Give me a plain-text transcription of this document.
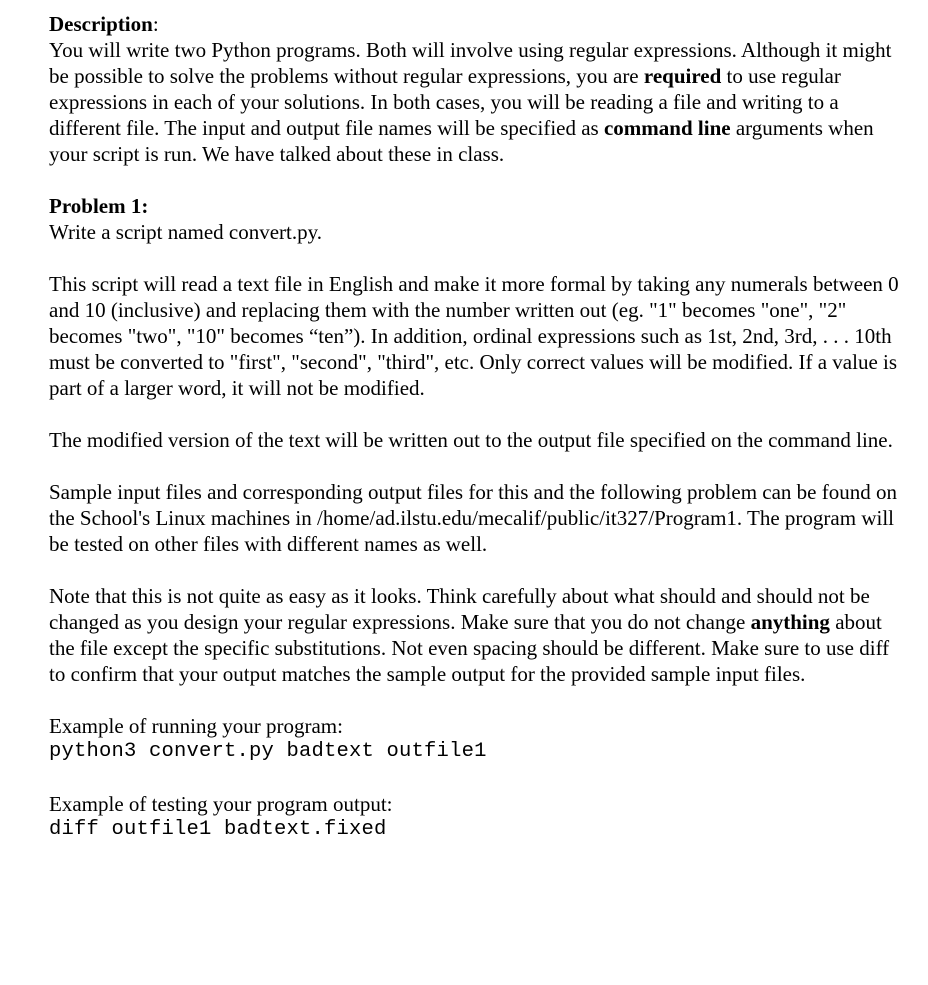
Description:

You will write two Python programs. Both will involve using regular expressions. Although it might be possible to solve the problems without regular expressions, you are required to use regular expressions in each of your solutions. In both cases, you will be reading a file and writing to a different file. The input and output file names will be specified as command line arguments when your script is run. We have talked about these in class.

Problem 1:

Write a script named convert.py.

This script will read a text file in English and make it more formal by taking any numerals between 0 and 10 (inclusive) and replacing them with the number written out (eg. "1" becomes "one", "2" becomes "two", "10" becomes “ten”). In addition, ordinal expressions such as 1st, 2nd, 3rd, . . . 10th must be converted to "first", "second", "third", etc. Only correct values will be modified. If a value is part of a larger word, it will not be modified.

The modified version of the text will be written out to the output file specified on the command line.

Sample input files and corresponding output files for this and the following problem can be found on the School's Linux machines in /home/ad.ilstu.edu/mecalif/public/it327/Program1. The program will be tested on other files with different names as well.

Note that this is not quite as easy as it looks. Think carefully about what should and should not be changed as you design your regular expressions. Make sure that you do not change anything about the file except the specific substitutions. Not even spacing should be different. Make sure to use diff to confirm that your output matches the sample output for the provided sample input files.

Example of running your program:

python3 convert.py badtext outfile1

Example of testing your program output:

diff outfile1 badtext.fixed
